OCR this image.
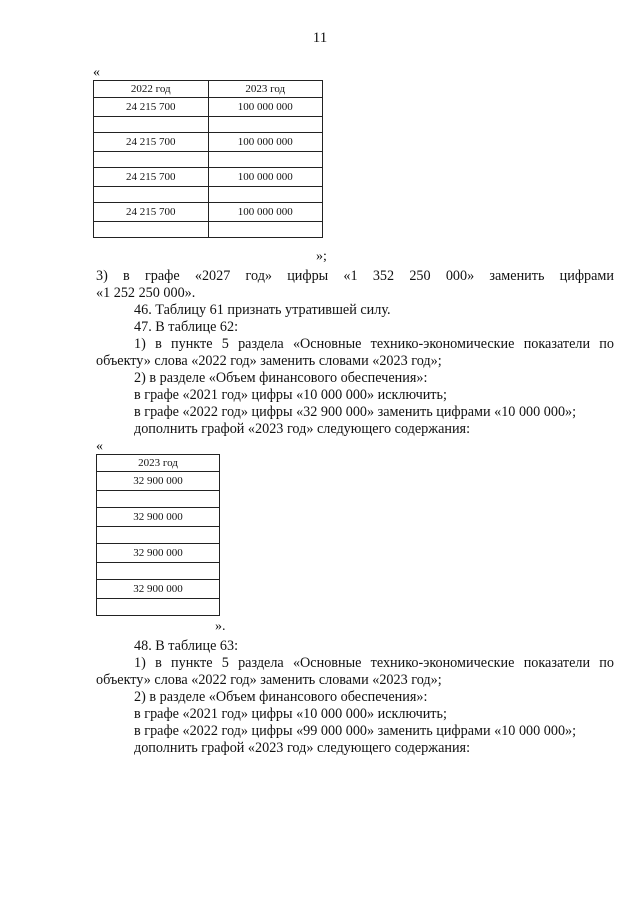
11
«
2022 год	2023 год
24 215 700	100 000 000

24 215 700	100 000 000

24 215 700	100 000 000

24 215 700	100 000 000

»;
3) в графе «2027 год» цифры «1 352 250 000» заменить цифрами
«1 252 250 000».
46. Таблицу 61 признать утратившей силу.
47. В таблице 62:
1) в пункте 5 раздела «Основные технико-экономические показатели по
объекту» слова «2022 год» заменить словами «2023 год»;
2) в разделе «Объем финансового обеспечения»:
в графе «2021 год» цифры «10 000 000» исключить;
в графе «2022 год» цифры «32 900 000» заменить цифрами «10 000 000»;
дополнить графой «2023 год» следующего содержания:
«
2023 год
32 900 000

32 900 000

32 900 000

32 900 000

».
48. В таблице 63:
1) в пункте 5 раздела «Основные технико-экономические показатели по
объекту» слова «2022 год» заменить словами «2023 год»;
2) в разделе «Объем финансового обеспечения»:
в графе «2021 год» цифры «10 000 000» исключить;
в графе «2022 год» цифры «99 000 000» заменить цифрами «10 000 000»;
дополнить графой «2023 год» следующего содержания:
